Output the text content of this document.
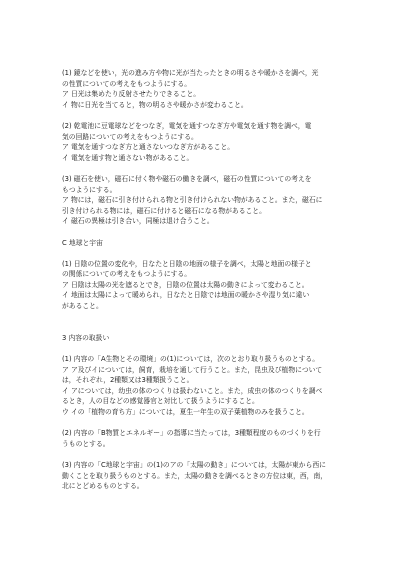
(1) 鏡などを使い，光の進み方や物に光が当たったときの明るさや暖かさを調べ，光
の性質についての考えをもつようにする。
ア 日光は集めたり反射させたりできること。
イ 物に日光を当てると，物の明るさや暖かさが変わること。
(2) 乾電池に豆電球などをつなぎ，電気を通すつなぎ方や電気を通す物を調べ，電
気の回路についての考えをもつようにする。
ア 電気を通すつなぎ方と通さないつなぎ方があること。
イ 電気を通す物と通さない物があること。
(3) 磁石を使い，磁石に付く物や磁石の働きを調べ，磁石の性質についての考えを
もつようにする。
ア 物には，磁石に引き付けられる物と引き付けられない物があること。また，磁石に
引き付けられる物には，磁石に付けると磁石になる物があること。
イ 磁石の異極は引き合い，同極は退け合うこと。
C 地球と宇宙
(1) 日陰の位置の変化や，日なたと日陰の地面の様子を調べ，太陽と地面の様子と
の関係についての考えをもつようにする。
ア 日陰は太陽の光を遮るとでき，日陰の位置は太陽の動きによって変わること。
イ 地面は太陽によって暖められ，日なたと日陰では地面の暖かさや湿り気に違い
があること。
3 内容の取扱い
(1) 内容の「A生物とその環境」の(1)については，次のとおり取り扱うものとする。
ア ア及びイについては，飼育，栽培を通して行うこと。また，昆虫及び植物について
は，それぞれ，2種類又は3種類扱うこと。
イ アについては，幼虫の体のつくりは扱わないこと。また，成虫の体のつくりを調べ
るとき，人の目などの感覚器官と対比して扱うようにすること。
ウ イの「植物の育ち方」については，夏生一年生の双子葉植物のみを扱うこと。
(2) 内容の「B物質とエネルギー」の指導に当たっては，3種類程度のものづくりを行
うものとする。
(3) 内容の「C地球と宇宙」の(1)のアの「太陽の動き」については，太陽が東から西に
動くことを取り扱うものとする。また，太陽の動きを調べるときの方位は東，西，南，
北にとどめるものとする。
